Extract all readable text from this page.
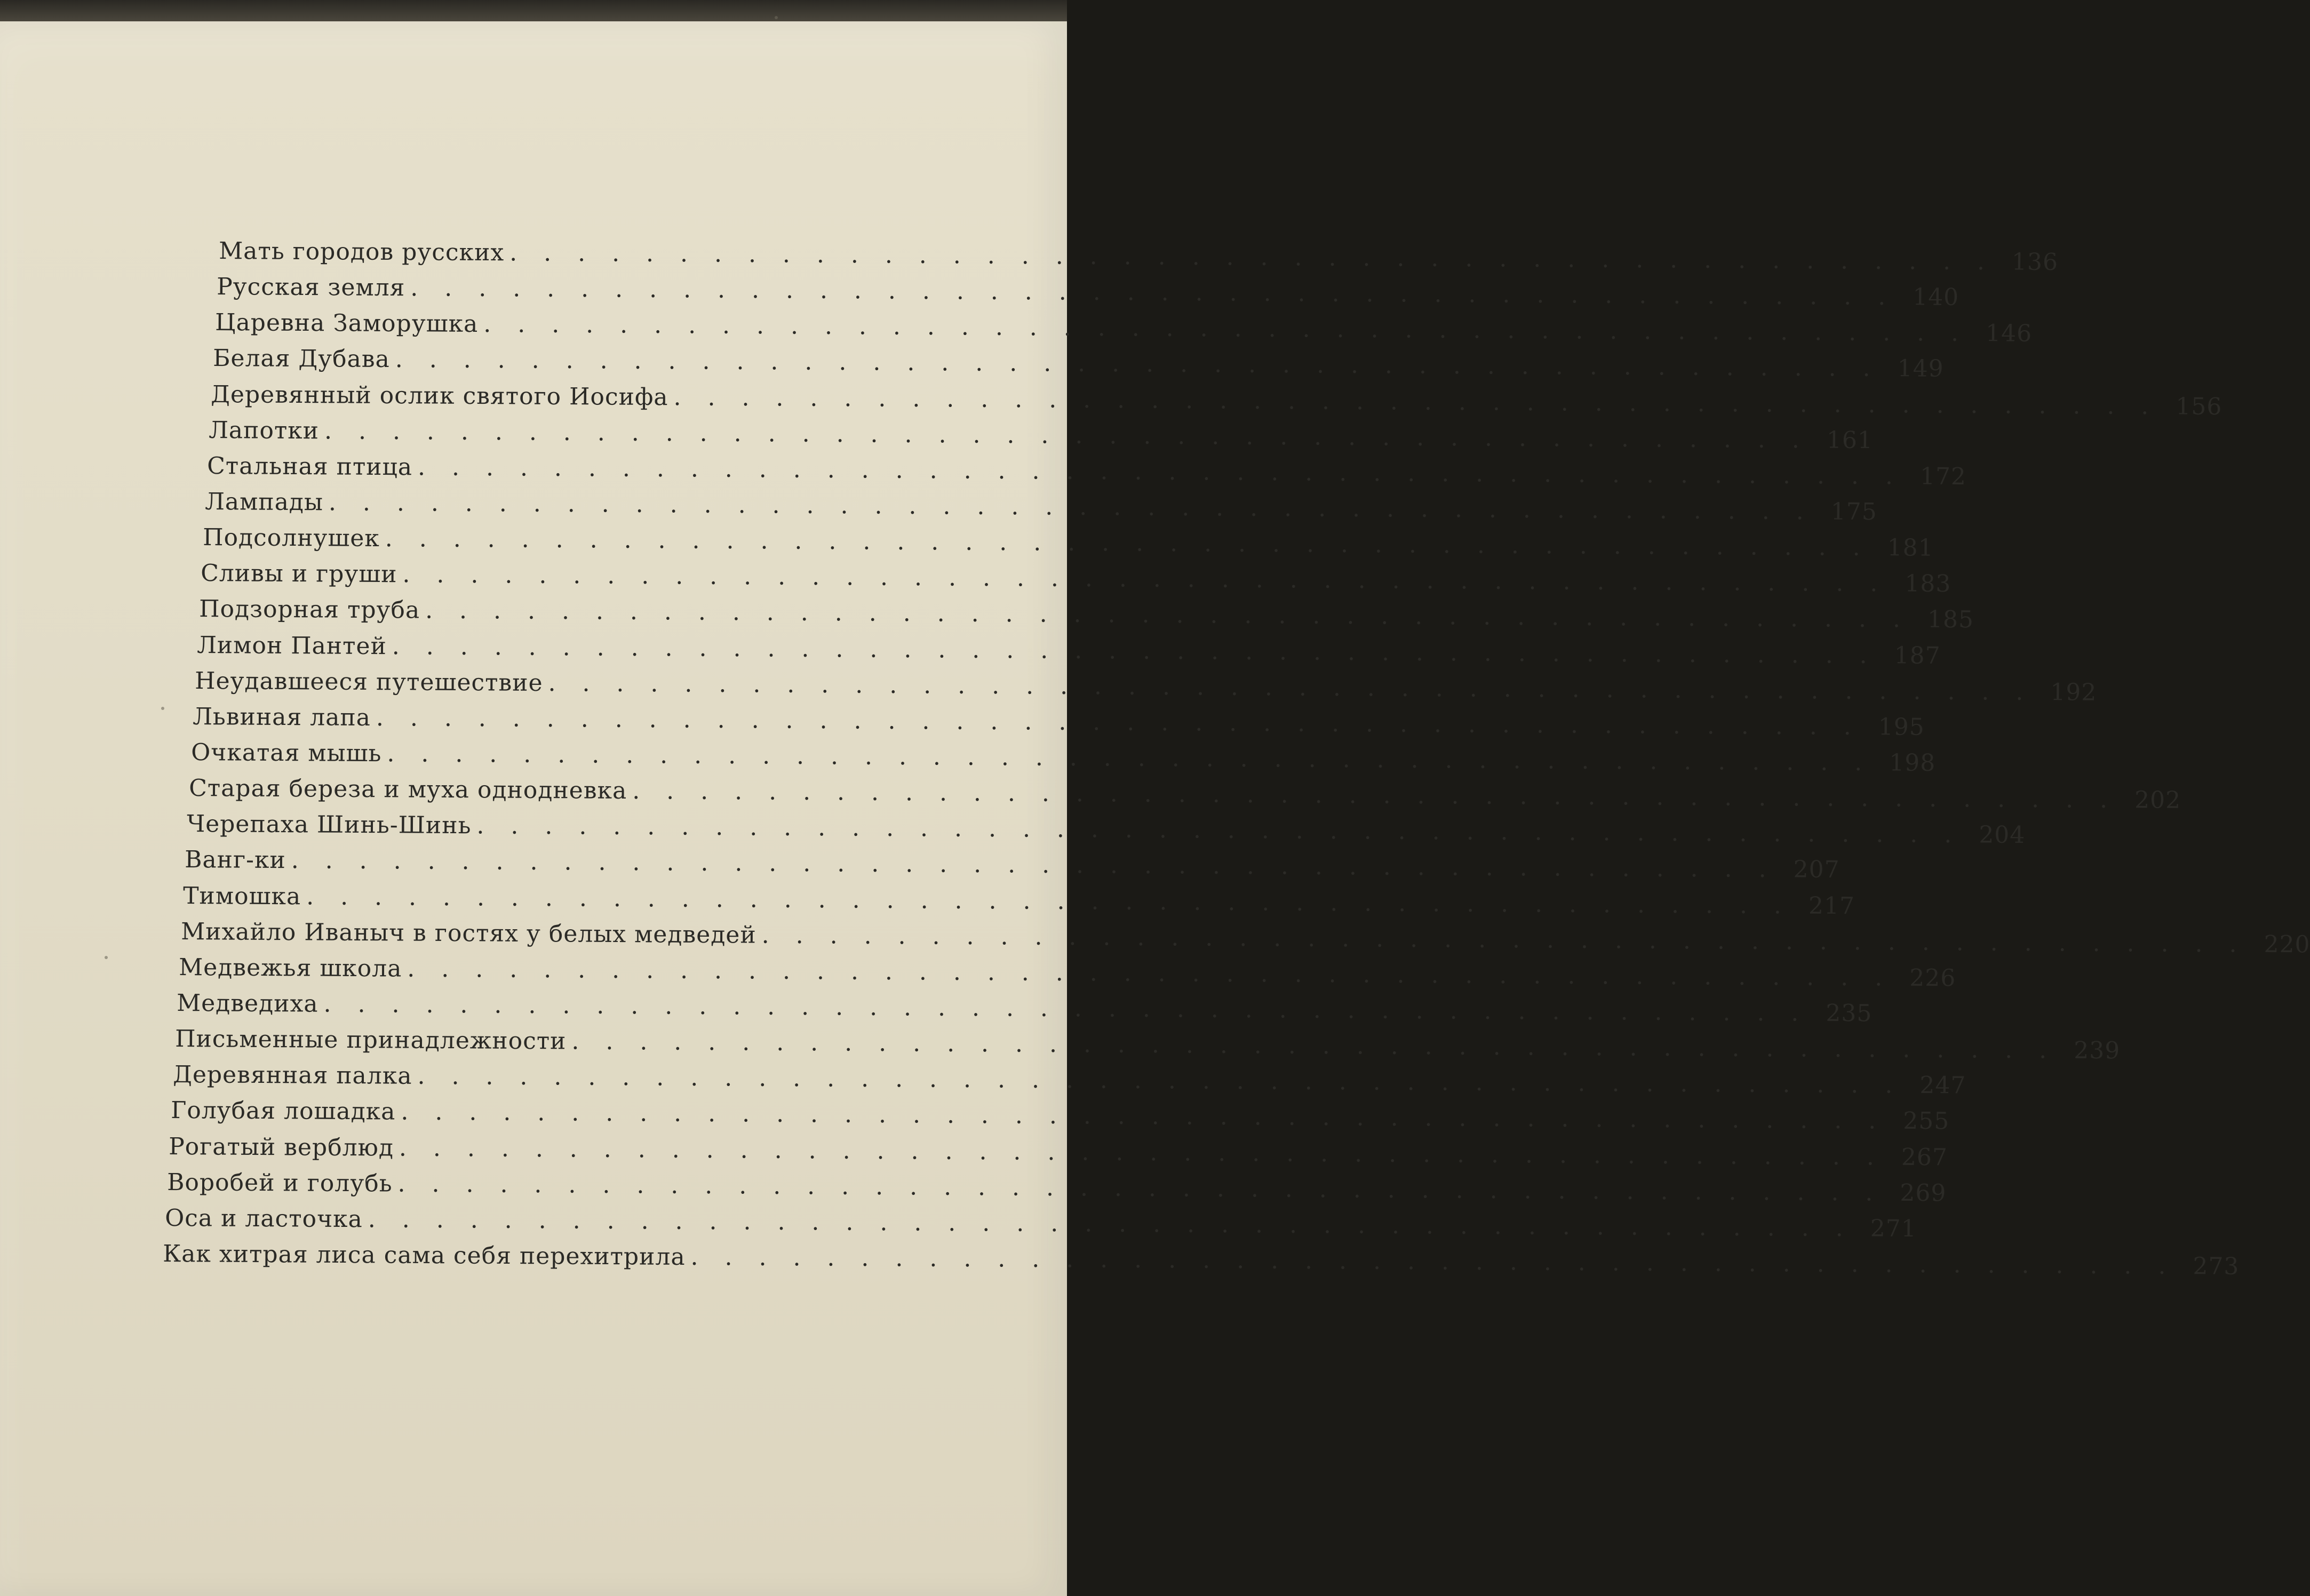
Мать городов русских . . . . . . . . . . . . . . . . . . . . . . . . . . . . . . . . . . . . . . . . . . . . 136
Русская земля . . . . . . . . . . . . . . . . . . . . . . . . . . . . . . . . . . . . . . . . . . . . 140
Царевна Заморушка . . . . . . . . . . . . . . . . . . . . . . . . . . . . . . . . . . . . . . . . . . . . 146
Белая Дубава . . . . . . . . . . . . . . . . . . . . . . . . . . . . . . . . . . . . . . . . . . . . 149
Деревянный ослик святого Иосифа . . . . . . . . . . . . . . . . . . . . . . . . . . . . . . . . . . . . . . . . . . . . 156
Лапотки . . . . . . . . . . . . . . . . . . . . . . . . . . . . . . . . . . . . . . . . . . . . 161
Стальная птица . . . . . . . . . . . . . . . . . . . . . . . . . . . . . . . . . . . . . . . . . . . . 172
Лампады . . . . . . . . . . . . . . . . . . . . . . . . . . . . . . . . . . . . . . . . . . . . 175
Подсолнушек . . . . . . . . . . . . . . . . . . . . . . . . . . . . . . . . . . . . . . . . . . . . 181
Сливы и груши . . . . . . . . . . . . . . . . . . . . . . . . . . . . . . . . . . . . . . . . . . . . 183
Подзорная труба . . . . . . . . . . . . . . . . . . . . . . . . . . . . . . . . . . . . . . . . . . . . 185
Лимон Пантей . . . . . . . . . . . . . . . . . . . . . . . . . . . . . . . . . . . . . . . . . . . . 187
Неудавшееся путешествие . . . . . . . . . . . . . . . . . . . . . . . . . . . . . . . . . . . . . . . . . . . . 192
Львиная лапа . . . . . . . . . . . . . . . . . . . . . . . . . . . . . . . . . . . . . . . . . . . . 195
Очкатая мышь . . . . . . . . . . . . . . . . . . . . . . . . . . . . . . . . . . . . . . . . . . . . 198
Старая береза и муха однодневка . . . . . . . . . . . . . . . . . . . . . . . . . . . . . . . . . . . . . . . . . . . . 202
Черепаха Шинь-Шинь . . . . . . . . . . . . . . . . . . . . . . . . . . . . . . . . . . . . . . . . . . . . 204
Ванг-ки . . . . . . . . . . . . . . . . . . . . . . . . . . . . . . . . . . . . . . . . . . . . 207
Тимошка . . . . . . . . . . . . . . . . . . . . . . . . . . . . . . . . . . . . . . . . . . . . 217
Михайло Иваныч в гостях у белых медведей . . . . . . . . . . . . . . . . . . . . . . . . . . . . . . . . . . . . . . . . . . . . 220
Медвежья школа . . . . . . . . . . . . . . . . . . . . . . . . . . . . . . . . . . . . . . . . . . . . 226
Медведиха . . . . . . . . . . . . . . . . . . . . . . . . . . . . . . . . . . . . . . . . . . . . 235
Письменные принадлежности . . . . . . . . . . . . . . . . . . . . . . . . . . . . . . . . . . . . . . . . . . . . 239
Деревянная палка . . . . . . . . . . . . . . . . . . . . . . . . . . . . . . . . . . . . . . . . . . . . 247
Голубая лошадка . . . . . . . . . . . . . . . . . . . . . . . . . . . . . . . . . . . . . . . . . . . . 255
Рогатый верблюд . . . . . . . . . . . . . . . . . . . . . . . . . . . . . . . . . . . . . . . . . . . . 267
Воробей и голубь . . . . . . . . . . . . . . . . . . . . . . . . . . . . . . . . . . . . . . . . . . . . 269
Оса и ласточка . . . . . . . . . . . . . . . . . . . . . . . . . . . . . . . . . . . . . . . . . . . . 271
Как хитрая лиса сама себя перехитрила . . . . . . . . . . . . . . . . . . . . . . . . . . . . . . . . . . . . . . . . . . . . 273
